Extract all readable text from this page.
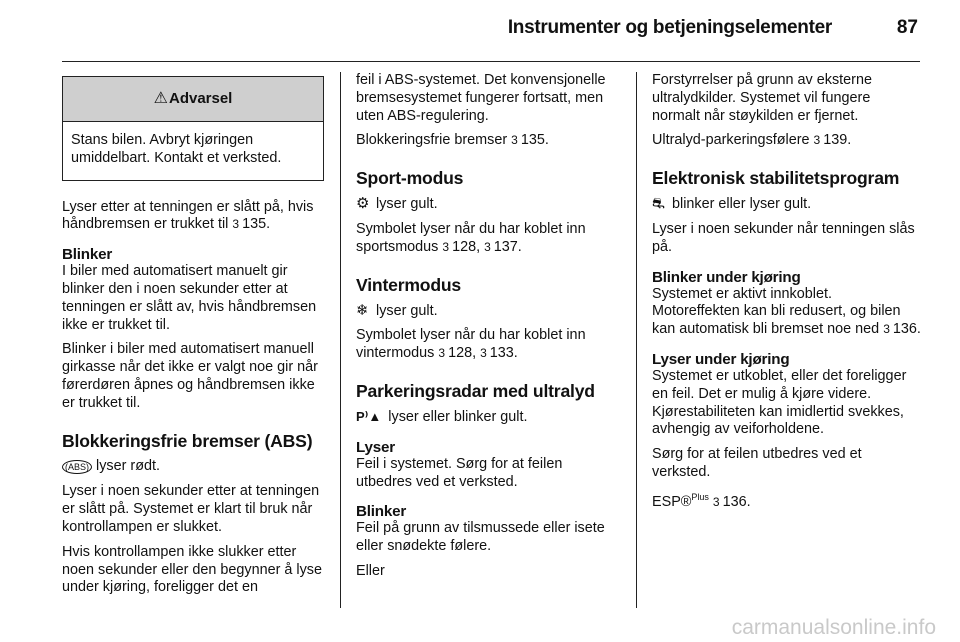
Instrumenter og betjeningselementer	87
⚠Advarsel
Stans bilen. Avbryt kjøringen
umiddelbart. Kontakt et verksted.

Lyser etter at tenningen er slått på, hvis håndbremsen er trukket til 3 135.

Blinker

I biler med automatisert manuelt gir blinker den i noen sekunder etter at tenningen er slått av, hvis håndbremsen ikke er trukket til.

Blinker i biler med automatisert manuell girkasse når det ikke er valgt noe gir når førerdøren åpnes og håndbremsen ikke er trukket til.

Blokkeringsfrie bremser (ABS)

(ABS) lyser rødt.

Lyser i noen sekunder etter at tenningen er slått på. Systemet er klart til bruk når kontrollampen er slukket.

Hvis kontrollampen ikke slukker etter noen sekunder eller den begynner å lyse under kjøring, foreligger det en

feil i ABS-systemet. Det konvensjonelle bremsesystemet fungerer fortsatt, men uten ABS-regulering.

Blokkeringsfrie bremser 3 135.

Sport-modus

⚙ lyser gult.

Symbolet lyser når du har koblet inn sportsmodus 3 128, 3 137.

Vintermodus

❄ lyser gult.

Symbolet lyser når du har koblet inn vintermodus 3 128, 3 133.

Parkeringsradar med ultralyd

P⁾▲ lyser eller blinker gult.

Lyser

Feil i systemet. Sørg for at feilen utbedres ved et verksted.

Blinker

Feil på grunn av tilsmussede eller isete eller snødekte følere.

Eller

Forstyrrelser på grunn av eksterne ultralydkilder. Systemet vil fungere normalt når støykilden er fjernet.

Ultralyd-parkeringsfølere 3 139.

Elektronisk stabilitetsprogram

⛐ blinker eller lyser gult.

Lyser i noen sekunder når tenningen slås på.

Blinker under kjøring

Systemet er aktivt innkoblet. Motoreffekten kan bli redusert, og bilen kan automatisk bli bremset noe ned 3 136.

Lyser under kjøring

Systemet er utkoblet, eller det foreligger en feil. Det er mulig å kjøre videre. Kjørestabiliteten kan imidlertid svekkes, avhengig av veiforholdene.

Sørg for at feilen utbedres ved et verksted.

ESP®$^{Plus}$ 3 136.

carmanualsonline.info
